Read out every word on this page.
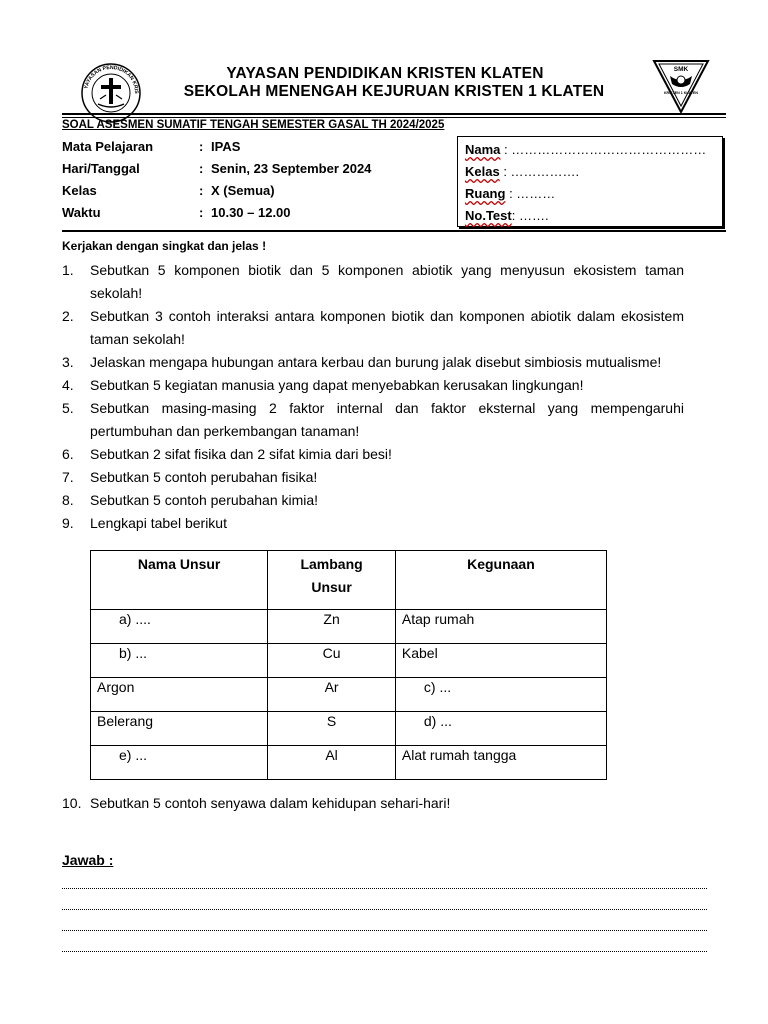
YAYASAN PENDIDIKAN KRIS
SMK
KRISTEN 1 KLATEN
YAYASAN PENDIDIKAN KRISTEN KLATEN
SEKOLAH MENENGAH KEJURUAN KRISTEN 1 KLATEN
SOAL ASESMEN SUMATIF TENGAH SEMESTER GASAL TH 2024/2025
Mata Pelajaran	: IPAS
Hari/Tanggal	: Senin, 23 September 2024
Kelas	: X (Semua)
Waktu	: 10.30 – 12.00
Nama : ………………………………………
Kelas : …………….
Ruang : ………
No.Test: …….
Kerjakan dengan singkat dan jelas !
1. Sebutkan 5 komponen biotik dan 5 komponen abiotik yang menyusun ekosistem taman sekolah!
2. Sebutkan 3 contoh interaksi antara komponen biotik dan komponen abiotik dalam ekosistem taman sekolah!
3. Jelaskan mengapa hubungan antara kerbau dan burung jalak disebut simbiosis mutualisme!
4. Sebutkan 5 kegiatan manusia yang dapat menyebabkan kerusakan lingkungan!
5. Sebutkan masing-masing 2 faktor internal dan faktor eksternal yang mempengaruhi pertumbuhan dan perkembangan tanaman!
6. Sebutkan 2 sifat fisika dan 2 sifat kimia dari besi!
7. Sebutkan 5 contoh perubahan fisika!
8. Sebutkan 5 contoh perubahan kimia!
9. Lengkapi tabel berikut
Nama Unsur	Lambang Unsur	Kegunaan
a) ....	Zn	Atap rumah
b) ...	Cu	Kabel
Argon	Ar	c) ...
Belerang	S	d) ...
e) ...	Al	Alat rumah tangga
10. Sebutkan 5 contoh senyawa dalam kehidupan sehari-hari!
Jawab :
